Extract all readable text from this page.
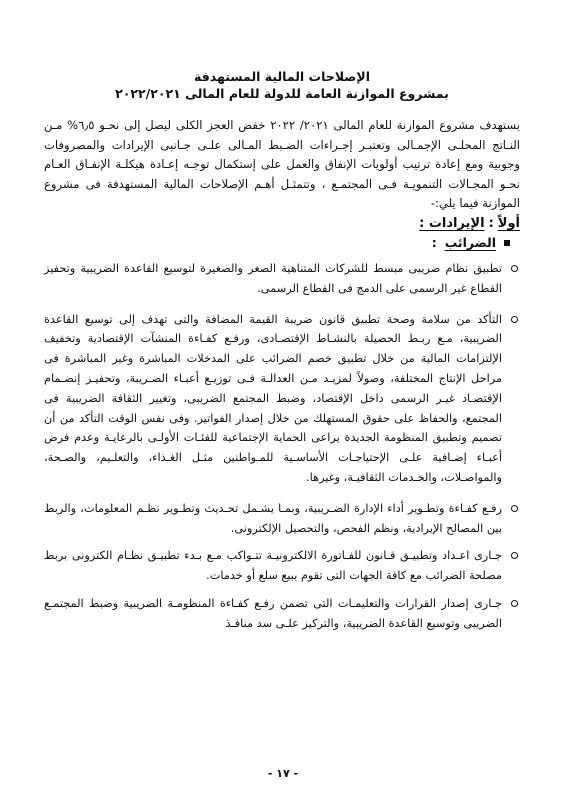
الإصلاحات المالية المستهدفة

بمشروع الموازنة العامة للدولة للعام المالى ٢٠٢٢/٢٠٢١

يستهدف مشروع الموازنة للعام المالى ٢٠٢١/ ٢٠٢٢ خفض العجز الكلى ليصل إلى نحـو ٦٫٥% مـن النـاتج المحلـى الإجمـالى وتعتبـر إجـراءات الضـبط المـالى علـى جـانبى الإيرادات والمصروفات وجوبية ومع إعادة ترتيب أولويات الإنفاق والعمل على إستكمال توجـه إعـادة هيكلـة الإنفـاق العـام نحـو المجـالات التنمويـة فـى المجتمـع ، وتتمثـل أهـم الإصلاحات المالية المستهدفة فى مشروع الموازنة فيما يلي:-

أولاً
:
الإيرادات :
الضرائب
:
تطبيق نظام ضريبى مبسط للشركات المتناهية الصغر والصغيرة لتوسيع القاعدة الضريبية وتحفيز القطاع غير الرسمى على الدمج فى القطاع الرسمى.
التأكد من سلامة وصحة تطبيق قانون ضريبة القيمة المضافة والتى تهدف إلى توسيع القاعدة الضريبية، مـع ربـط الحصيلة بالنشـاط الإقتصـادى، ورفـع كفـاءة المنشآت الإقتصادية وتخفيف الإلتزامات المالية من خلال تطبيق خصم الضرائب على المدخلات المباشرة وغير المباشرة فى مراحل الإنتاج المختلفة، وصولاً لمزيـد مـن العدالـة فـى توزيـع أعبـاء الضـريبة، وتحفيـز إنضـمام الإقتصـاد غيـر الرسمى داخل الإقتصاد، وضبط المجتمع الضريبى، وتغيير الثقافة الضريبية فى المجتمع، والحفاظ على حقوق المستهلك من خلال إصدار الفواتير. وفى نفس الوقت التأكد من أن تصميم وتطبيق المنظومة الجديدة يراعى الحماية الإجتماعية للفئـات الأولـى بالرعايـة وعدم فرض أعبـاء إضـافية علـى الإحتياجـات الأساسـية للمـواطنين مثـل الغـذاء، والتعلـيم، والصـحة، والمواصـلات، والخـدمات الثقافيـة، وغيرها.
رفـع كفـاءة وتطـوير أداء الإدارة الضـريبية، وبمـا يشـمل تحـديث وتطـوير نظـم المعلومات، والربط بين المصالح الإيرادية، ونظم الفحص، والتحصيل الإلكترونى.
جـارى اعـداد وتطبيـق قـانون للفـاتورة الالكترونيـة تتـواكب مـع بـدء تطبيـق نظـام الكترونى بربط مصلحة الضرائب مع كافة الجهات التى تقوم ببيع سلع أو خدمات.
جـارى إصدار القرارات والتعليمـات التى تضمن رفـع كفـاءة المنظومـة الضريبية وضبط المجتمـع الضريبى وتوسيع القاعدة الضريبية، والتركيز علـى سد منافـذ
- ١٧ -
